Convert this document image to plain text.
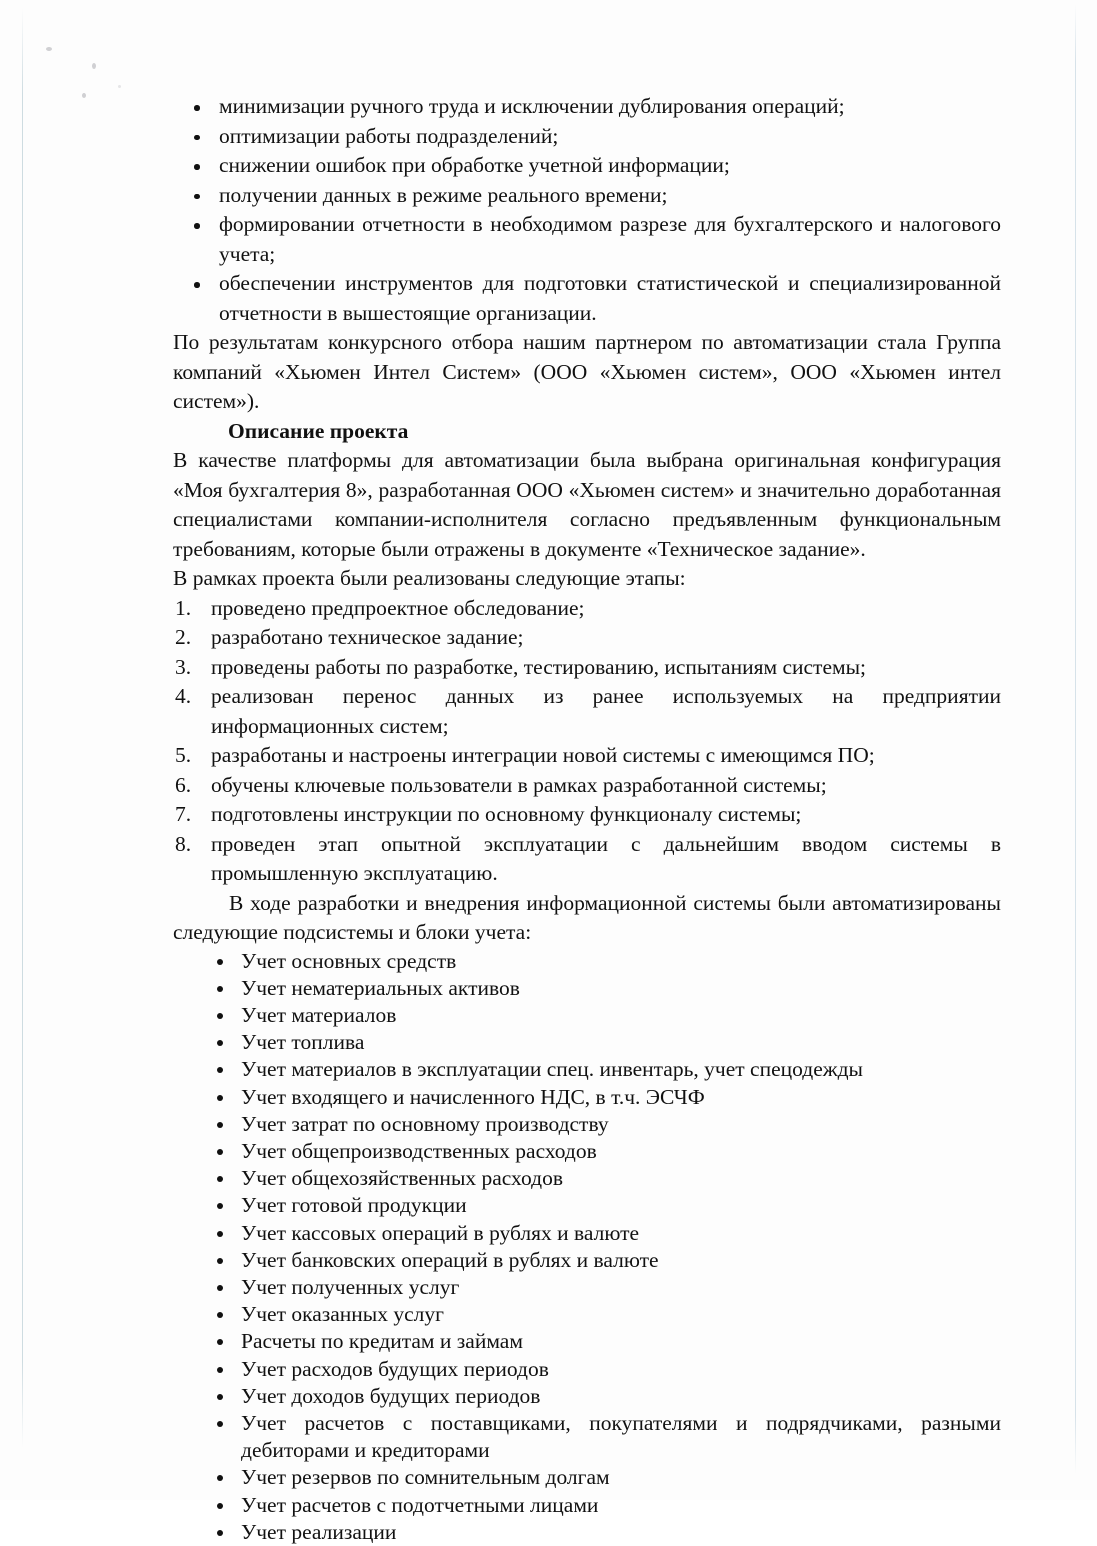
минимизации ручного труда и исключении дублирования операций;
оптимизации работы подразделений;
снижении ошибок при обработке учетной информации;
получении данных в режиме реального времени;
формировании отчетности в необходимом разрезе для бухгалтерского и налогового учета;
обеспечении инструментов для подготовки статистической и специализированной отчетности в вышестоящие организации.

По результатам конкурсного отбора нашим партнером по автоматизации стала Группа компаний «Хьюмен Интел Систем» (ООО «Хьюмен систем», ООО «Хьюмен интел систем»).

Описание проекта

В качестве платформы для автоматизации была выбрана оригинальная конфигурация «Моя бухгалтерия 8», разработанная ООО «Хьюмен систем» и значительно доработанная специалистами компании-исполнителя согласно предъявленным функциональным требованиям, которые были отражены в документе «Техническое задание».

В рамках проекта были реализованы следующие этапы:

проведено предпроектное обследование;
разработано техническое задание;
проведены работы по разработке, тестированию, испытаниям системы;
реализован перенос данных из ранее используемых на предприятии информационных систем;
разработаны и настроены интеграции новой системы с имеющимся ПО;
обучены ключевые пользователи в рамках разработанной системы;
подготовлены инструкции по основному функционалу системы;
проведен этап опытной эксплуатации с дальнейшим вводом системы в промышленную эксплуатацию.

В ходе разработки и внедрения информационной системы были автоматизированы следующие подсистемы и блоки учета:

Учет основных средств
Учет нематериальных активов
Учет материалов
Учет топлива
Учет материалов в эксплуатации спец. инвентарь, учет спецодежды
Учет входящего и начисленного НДС, в т.ч. ЭСЧФ
Учет затрат по основному производству
Учет общепроизводственных расходов
Учет общехозяйственных расходов
Учет готовой продукции
Учет кассовых операций в рублях и валюте
Учет банковских операций в рублях и валюте
Учет полученных услуг
Учет оказанных услуг
Расчеты по кредитам и займам
Учет расходов будущих периодов
Учет доходов будущих периодов
Учет расчетов с поставщиками, покупателями и подрядчиками, разными дебиторами и кредиторами
Учет резервов по сомнительным долгам
Учет расчетов с подотчетными лицами
Учет реализации
